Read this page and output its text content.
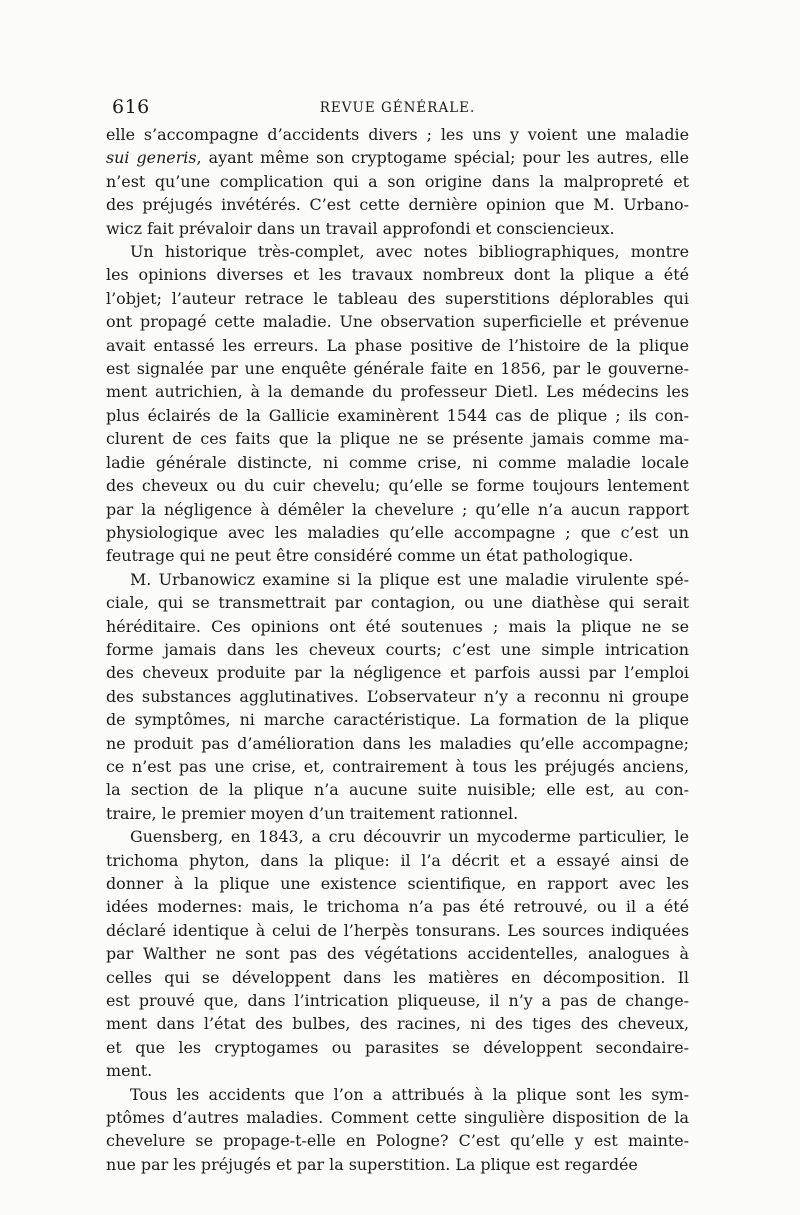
616	REVUE GÉNÉRALE.

elle s’accompagne d’accidents divers ; les uns y voient une maladie
sui generis, ayant même son cryptogame spécial; pour les autres, elle
n’est qu’une complication qui a son origine dans la malpropreté et
des préjugés invétérés. C’est cette dernière opinion que M. Urbano-
wicz fait prévaloir dans un travail approfondi et consciencieux.

Un historique très-complet, avec notes bibliographiques, montre
les opinions diverses et les travaux nombreux dont la plique a été
l’objet; l’auteur retrace le tableau des superstitions déplorables qui
ont propagé cette maladie. Une observation superficielle et prévenue
avait entassé les erreurs. La phase positive de l’histoire de la plique
est signalée par une enquête générale faite en 1856, par le gouverne-
ment autrichien, à la demande du professeur Dietl. Les médecins les
plus éclairés de la Gallicie examinèrent 1544 cas de plique ; ils con-
clurent de ces faits que la plique ne se présente jamais comme ma-
ladie générale distincte, ni comme crise, ni comme maladie locale
des cheveux ou du cuir chevelu; qu’elle se forme toujours lentement
par la négligence à démêler la chevelure ; qu’elle n’a aucun rapport
physiologique avec les maladies qu’elle accompagne ; que c’est un
feutrage qui ne peut être considéré comme un état pathologique.

M. Urbanowicz examine si la plique est une maladie virulente spé-
ciale, qui se transmettrait par contagion, ou une diathèse qui serait
héréditaire. Ces opinions ont été soutenues ; mais la plique ne se
forme jamais dans les cheveux courts; c’est une simple intrication
des cheveux produite par la négligence et parfois aussi par l’emploi
des substances agglutinatives. L’observateur n’y a reconnu ni groupe
de symptômes, ni marche caractéristique. La formation de la plique
ne produit pas d’amélioration dans les maladies qu’elle accompagne;
ce n’est pas une crise, et, contrairement à tous les préjugés anciens,
la section de la plique n’a aucune suite nuisible; elle est, au con-
traire, le premier moyen d’un traitement rationnel.

Guensberg, en 1843, a cru découvrir un mycoderme particulier, le
trichoma phyton, dans la plique: il l’a décrit et a essayé ainsi de
donner à la plique une existence scientifique, en rapport avec les
idées modernes: mais, le trichoma n’a pas été retrouvé, ou il a été
déclaré identique à celui de l’herpès tonsurans. Les sources indiquées
par Walther ne sont pas des végétations accidentelles, analogues à
celles qui se développent dans les matières en décomposition. Il
est prouvé que, dans l’intrication pliqueuse, il n’y a pas de change-
ment dans l’état des bulbes, des racines, ni des tiges des cheveux,
et que les cryptogames ou parasites se développent secondaire-
ment.

Tous les accidents que l’on a attribués à la plique sont les sym-
ptômes d’autres maladies. Comment cette singulière disposition de la
chevelure se propage-t-elle en Pologne? C’est qu’elle y est mainte-
nue par les préjugés et par la superstition. La plique est regardée
